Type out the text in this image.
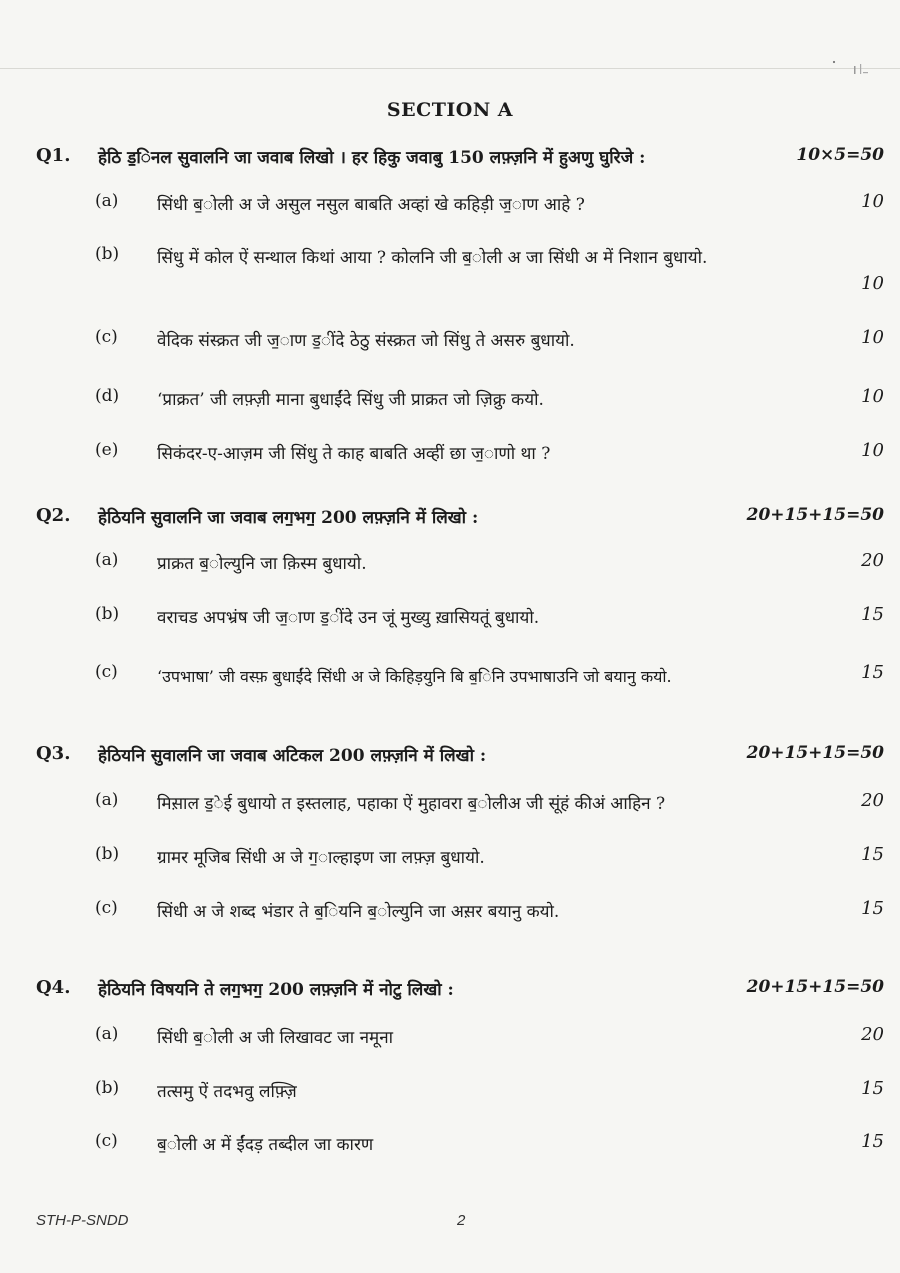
SECTION A
Q1. हेठि ड॒िनल सुवालनि जा जवाब लिखो । हर हिकु जवाबु 150 लफ़्ज़नि में हुअणु घुरिजे :	10×5=50
(a) सिंधी ब॒ोली अ जे असुल नसुल बाबति अव्हां खे कहिड़ी ज॒ाण आहे ?	10
(b) सिंधु में कोल ऐं सन्थाल किथां आया ? कोलनि जी ब॒ोली अ जा सिंधी अ में निशान बुधायो.
10
(c) वेदिक संस्क्रत जी ज॒ाण ड॒ींदे ठेठु संस्क्रत जो सिंधु ते असरु बुधायो.	10
(d) ‘प्राक्रत’ जी लफ़्ज़ी माना बुधाईंदे सिंधु जी प्राक्रत जो ज़िक्रु कयो.	10
(e) सिकंदर-ए-आज़म जी सिंधु ते काह बाबति अव्हीं छा ज॒ाणो था ?	10
Q2. हेठियनि सुवालनि जा जवाब लग॒भग॒ 200 लफ़्ज़नि में लिखो :	20+15+15=50
(a) प्राक्रत ब॒ोल्युनि जा क़िस्म बुधायो.	20
(b) वराचड अपभ्रंष जी ज॒ाण ड॒ींदे उन जूं मुख्यु ख़ासियतूं बुधायो.	15
(c) ‘उपभाषा’ जी वस्फ़ बुधाईंदे सिंधी अ जे किहिड़युनि बि ब॒िनि उपभाषाउनि जो बयानु कयो.	15
Q3. हेठियनि सुवालनि जा जवाब अटिकल 200 लफ़्ज़नि में लिखो :	20+15+15=50
(a) मिस़ाल ड॒ेई बुधायो त इस्तलाह, पहाका ऐं मुहावरा ब॒ोलीअ जी सूंहं कीअं आहिन ?	20
(b) ग्रामर मूजिब सिंधी अ जे ग॒ाल्हाइण जा लफ़्ज़ बुधायो.	15
(c) सिंधी अ जे शब्द भंडार ते ब॒ियनि ब॒ोल्युनि जा अस़र बयानु कयो.	15
Q4. हेठियनि विषयनि ते लग॒भग॒ 200 लफ़्ज़नि में नोटु लिखो :	20+15+15=50
(a) सिंधी ब॒ोली अ जी लिखावट जा नमूना	20
(b) तत्समु ऐं तदभवु लफ़्ज़ि	15
(c) ब॒ोली अ में ईंदड़ तब्दील जा कारण	15
STH-P-SNDD	2
